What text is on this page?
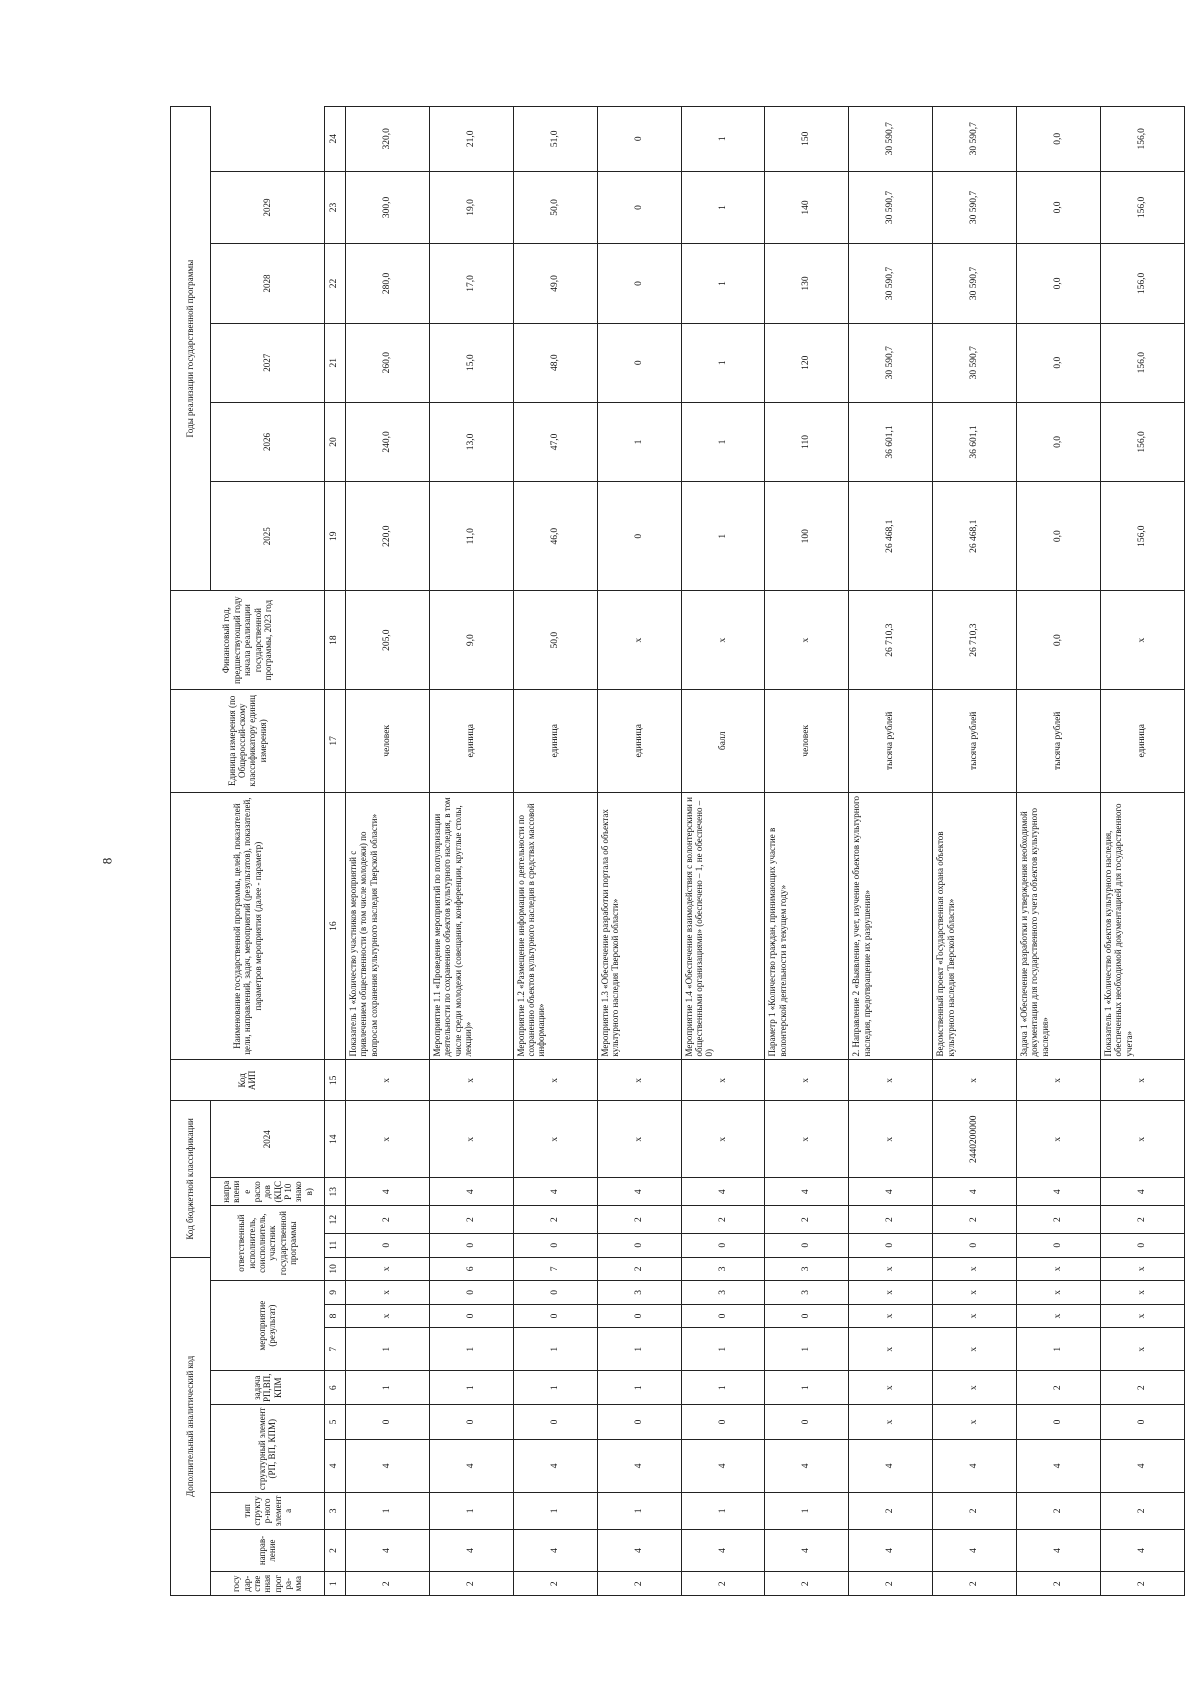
8
Дополнительный аналитический код										Код бюджетной классификации				Код АИП	Наименование государственной программы, целей, показателей цели, направлений, задач, мероприятий (результатов), показателей, параметров мероприятия (далее - параметр)	Единица измерения (по Общероссий-скому классификатору единиц измерения)	Финансовый год, предшествующий году начала реализации государственной программы, 2023 год	Годы реализации государственной программы					
государ-ственная програ-мма	направ-ление	тип структур-ного элемента	структурный элемент (РП, ВП, КПМ)		задача РП,ВП, КПМ	мероприятие (результат)			ответственный исполнитель, соисполнитель, участник государственной программы			направление расходов (КЦСР 10 знаков)	2024					2025	2026	2027	2028	2029	

1	2	3	4	5	6	7	8	9	10	11	12	13	14	15	16	17	18	19	20	21	22	23	24
2	4	1	4	0	1	1	х	х	х	0	2	4	х	х	Показатель 1 «Количество участников мероприятий с привлечением общественности (в том числе молодежи) по вопросам сохранения культурного наследия Тверской области»	человек	205,0	220,0	240,0	260,0	280,0	300,0	320,0
2	4	1	4	0	1	1	0	0	6	0	2	4	х	х	Мероприятие 1.1 «Проведение мероприятий по популяризации деятельности по сохранению объектов культурного наследия, в том числе среди молодежи (совещания, конференции, круглые столы, лекции)»	единица	9,0	11,0	13,0	15,0	17,0	19,0	21,0
2	4	1	4	0	1	1	0	0	7	0	2	4	х	х	Мероприятие 1.2 «Размещение информации о деятельности по сохранению объектов культурного наследия в средствах массовой информации»	единица	50,0	46,0	47,0	48,0	49,0	50,0	51,0
2	4	1	4	0	1	1	0	3	2	0	2	4	х	х	Мероприятие 1.3 «Обеспечение разработки портала об объектах культурного наследия Тверской области»	единица	х	0	1	0	0	0	0
2	4	1	4	0	1	1	0	3	3	0	2	4	х	х	Мероприятие 1.4 «Обеспечение взаимодействия с волонтерскими и общественными организациями» (обеспечено – 1, не обеспечено – 0)	балл	х	1	1	1	1	1	1
2	4	1	4	0	1	1	0	3	3	0	2	4	х	х	Параметр 1 «Количество граждан, принимающих участие в волонтерской деятельности в текущем году»	человек	х	100	110	120	130	140	150
2	4	2	4	х	х	х	х	х	х	0	2	4	х	х	2. Направление 2 «Выявление, учет, изучение объектов культурного наследия, предотвращение их разрушения»	тысяча рублей	26 710,3	26 468,1	36 601,1	30 590,7	30 590,7	30 590,7	30 590,7
2	4	2	4	х	х	х	х	х	х	0	2	4	2440200000	х	Ведомственный проект «Государственная охрана объектов культурного наследия Тверской области»	тысяча рублей	26 710,3	26 468,1	36 601,1	30 590,7	30 590,7	30 590,7	30 590,7
2	4	2	4	0	2	1	х	х	х	0	2	4	х	х	Задача 1 «Обеспечение разработки и утверждения необходимой документации для государственного учета объектов культурного наследия»	тысяча рублей	0,0	0,0	0,0	0,0	0,0	0,0	0,0
2	4	2	4	0	2	х	х	х	х	0	2	4	х	х	Показатель 1 «Количество объектов культурного наследия, обеспеченных необходимой документацией для государственного учета»	единица	х	156,0	156,0	156,0	156,0	156,0	156,0
